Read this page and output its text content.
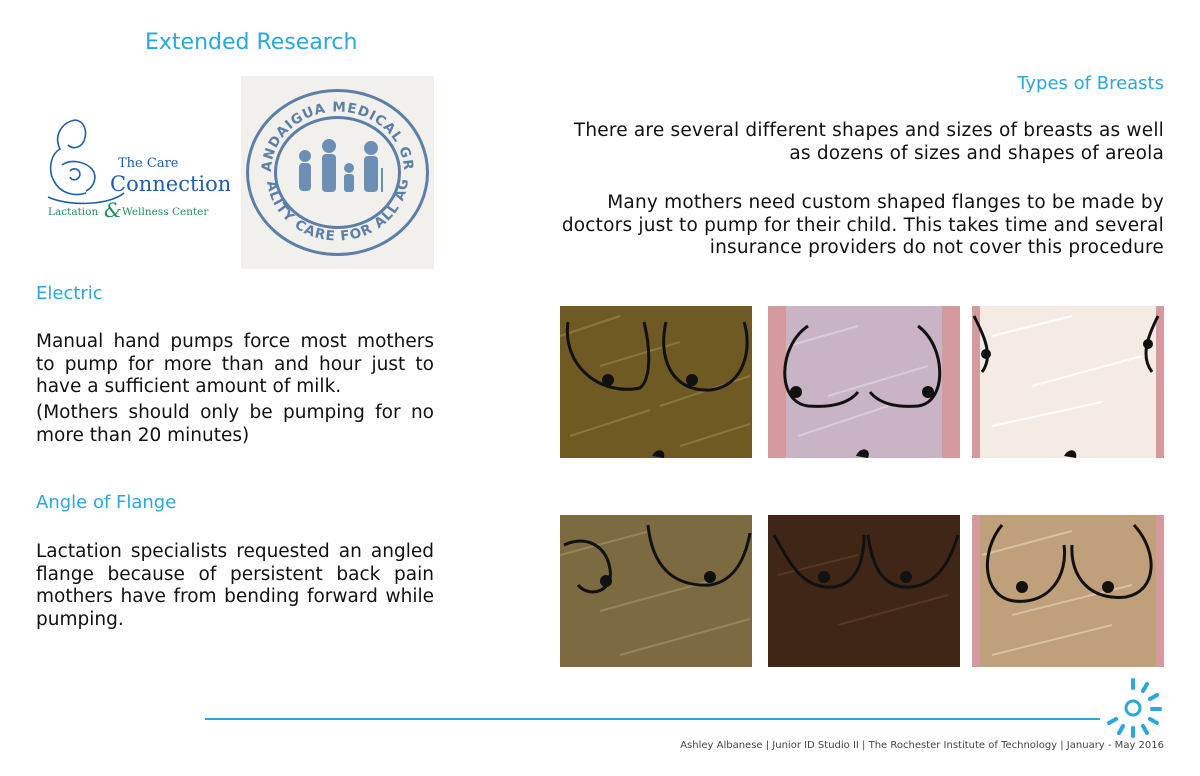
Extended Research
The Care
Connection
Lactation & Wellness Center
ANDAIGUA MEDICAL GR
ALITY CARE FOR ALL AG
Types of Breasts
There are several different shapes and sizes of breasts as well as dozens of sizes and shapes of areola
Many mothers need custom shaped flanges to be made by doctors just to pump for their child. This takes time and several insurance providers do not cover this procedure
Electric
Manual hand pumps force most mothers to pump for more than and hour just to have a sufficient amount of milk.
(Mothers should only be pumping for no more than 20 minutes)
Angle of Flange
Lactation specialists requested an angled flange because of persistent back pain mothers have from bending forward while pumping.
Ashley Albanese | Junior ID Studio II | The Rochester Institute of Technology | January - May 2016
